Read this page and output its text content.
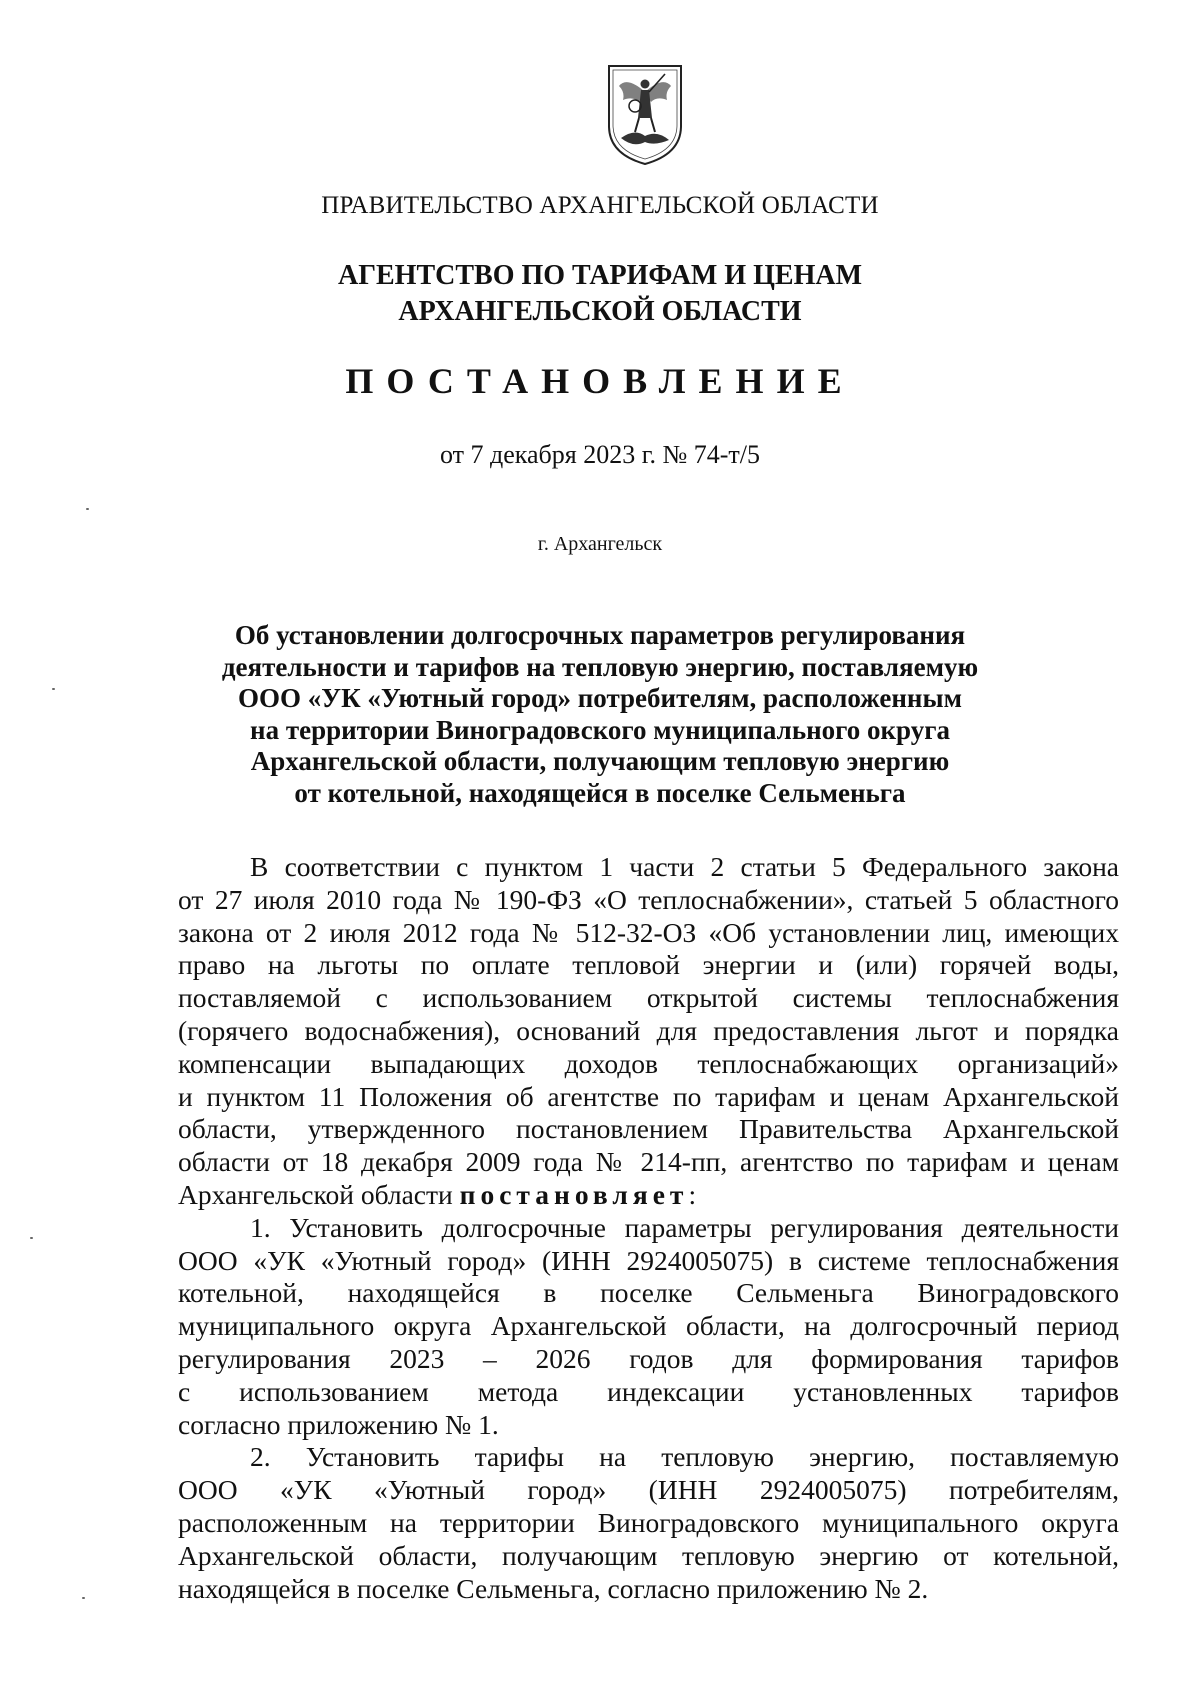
ПРАВИТЕЛЬСТВО АРХАНГЕЛЬСКОЙ ОБЛАСТИ
АГЕНТСТВО ПО ТАРИФАМ И ЦЕНАМ
АРХАНГЕЛЬСКОЙ ОБЛАСТИ
ПОСТАНОВЛЕНИЕ
от 7 декабря 2023 г. № 74-т/5
г. Архангельск
Об установлении долгосрочных параметров регулирования
деятельности и тарифов на тепловую энергию, поставляемую
ООО «УК «Уютный город» потребителям, расположенным
на территории Виноградовского муниципального округа
Архангельской области, получающим тепловую энергию
от котельной, находящейся в поселке Сельменьга
В соответствии с пунктом 1 части 2 статьи 5 Федерального закона
от 27 июля 2010 года № 190-ФЗ «О теплоснабжении», статьей 5 областного
закона от 2 июля 2012 года № 512-32-ОЗ «Об установлении лиц, имеющих
право на льготы по оплате тепловой энергии и (или) горячей воды,
поставляемой с использованием открытой системы теплоснабжения
(горячего водоснабжения), оснований для предоставления льгот и порядка
компенсации выпадающих доходов теплоснабжающих организаций»
и пунктом 11 Положения об агентстве по тарифам и ценам Архангельской
области, утвержденного постановлением Правительства Архангельской
области от 18 декабря 2009 года № 214-пп, агентство по тарифам и ценам
Архангельской области постановляет:
1. Установить долгосрочные параметры регулирования деятельности
ООО «УК «Уютный город» (ИНН 2924005075) в системе теплоснабжения
котельной, находящейся в поселке Сельменьга Виноградовского
муниципального округа Архангельской области, на долгосрочный период
регулирования 2023 – 2026 годов для формирования тарифов
с использованием метода индексации установленных тарифов
согласно приложению № 1.
2. Установить тарифы на тепловую энергию, поставляемую
ООО «УК «Уютный город» (ИНН 2924005075) потребителям,
расположенным на территории Виноградовского муниципального округа
Архангельской области, получающим тепловую энергию от котельной,
находящейся в поселке Сельменьга, согласно приложению № 2.
